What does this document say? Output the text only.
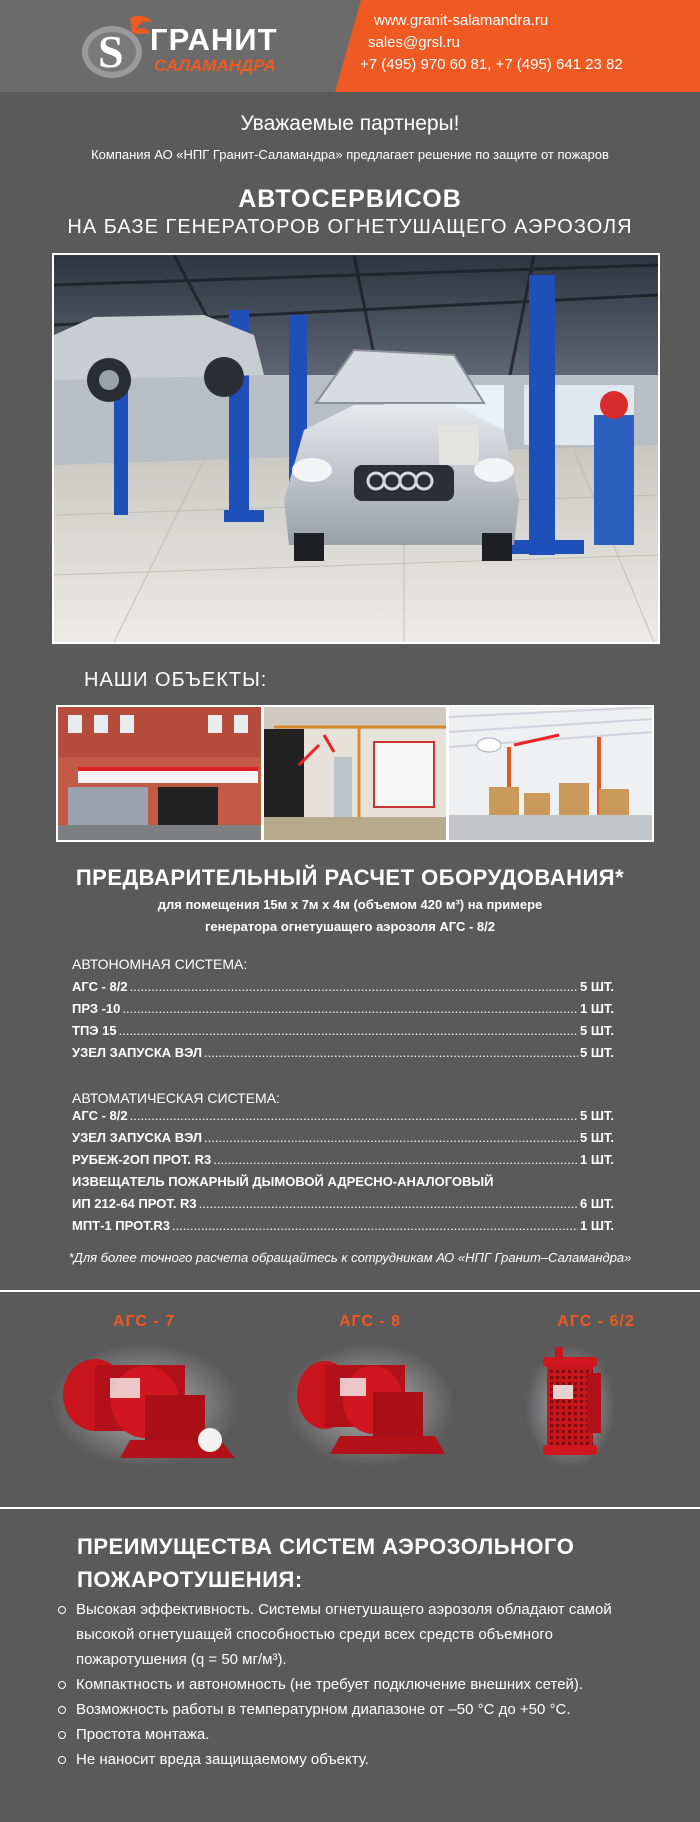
S ГРАНИТ
САЛАМАНДРА
www.granit-salamandra.ru
sales@grsl.ru
+7 (495) 970 60 81, +7 (495) 641 23 82
Уважаемые партнеры!
Компания АО «НПГ Гранит-Саламандра» предлагает решение по защите от пожаров
АВТОСЕРВИСОВ
НА БАЗЕ ГЕНЕРАТОРОВ ОГНЕТУШАЩЕГО АЭРОЗОЛЯ
НАШИ ОБЪЕКТЫ:
ПРЕДВАРИТЕЛЬНЫЙ РАСЧЕТ ОБОРУДОВАНИЯ*
для помещения 15м х 7м х 4м (объемом 420 м³) на примере
генератора огнетушащего аэрозоля АГС - 8/2
АВТОНОМНАЯ СИСТЕМА:
АГС - 8/2 .....	5 ШТ.
ПРЗ -10 .....	1 ШТ.
ТПЭ 15 .....	5 ШТ.
УЗЕЛ ЗАПУСКА ВЭЛ .....	5 ШТ.
АВТОМАТИЧЕСКАЯ СИСТЕМА:
АГС - 8/2 .....	5 ШТ.
УЗЕЛ ЗАПУСКА ВЭЛ .....	5 ШТ.
РУБЕЖ-2ОП ПРОТ. R3 .....	1 ШТ.
ИЗВЕЩАТЕЛЬ ПОЖАРНЫЙ ДЫМОВОЙ АДРЕСНО-АНАЛОГОВЫЙ
ИП 212-64 ПРОТ. R3 .....	6 ШТ.
МПТ-1 ПРОТ.R3 .....	1 ШТ.
*Для более точного расчета обращайтесь к сотрудникам АО «НПГ Гранит–Саламандра»
АГС - 7	АГС - 8	АГС - 6/2
ПРЕИМУЩЕСТВА СИСТЕМ АЭРОЗОЛЬНОГО
ПОЖАРОТУШЕНИЯ:
Высокая эффективность. Системы огнетушащего аэрозоля обладают самой высокой огнетушащей способностью среди всех средств объемного пожаротушения (q = 50 мг/м³).
Компактность и автономность (не требует подключение внешних сетей).
Возможность работы в температурном диапазоне от –50 °С до +50 °С.
Простота монтажа.
Не наносит вреда защищаемому объекту.
